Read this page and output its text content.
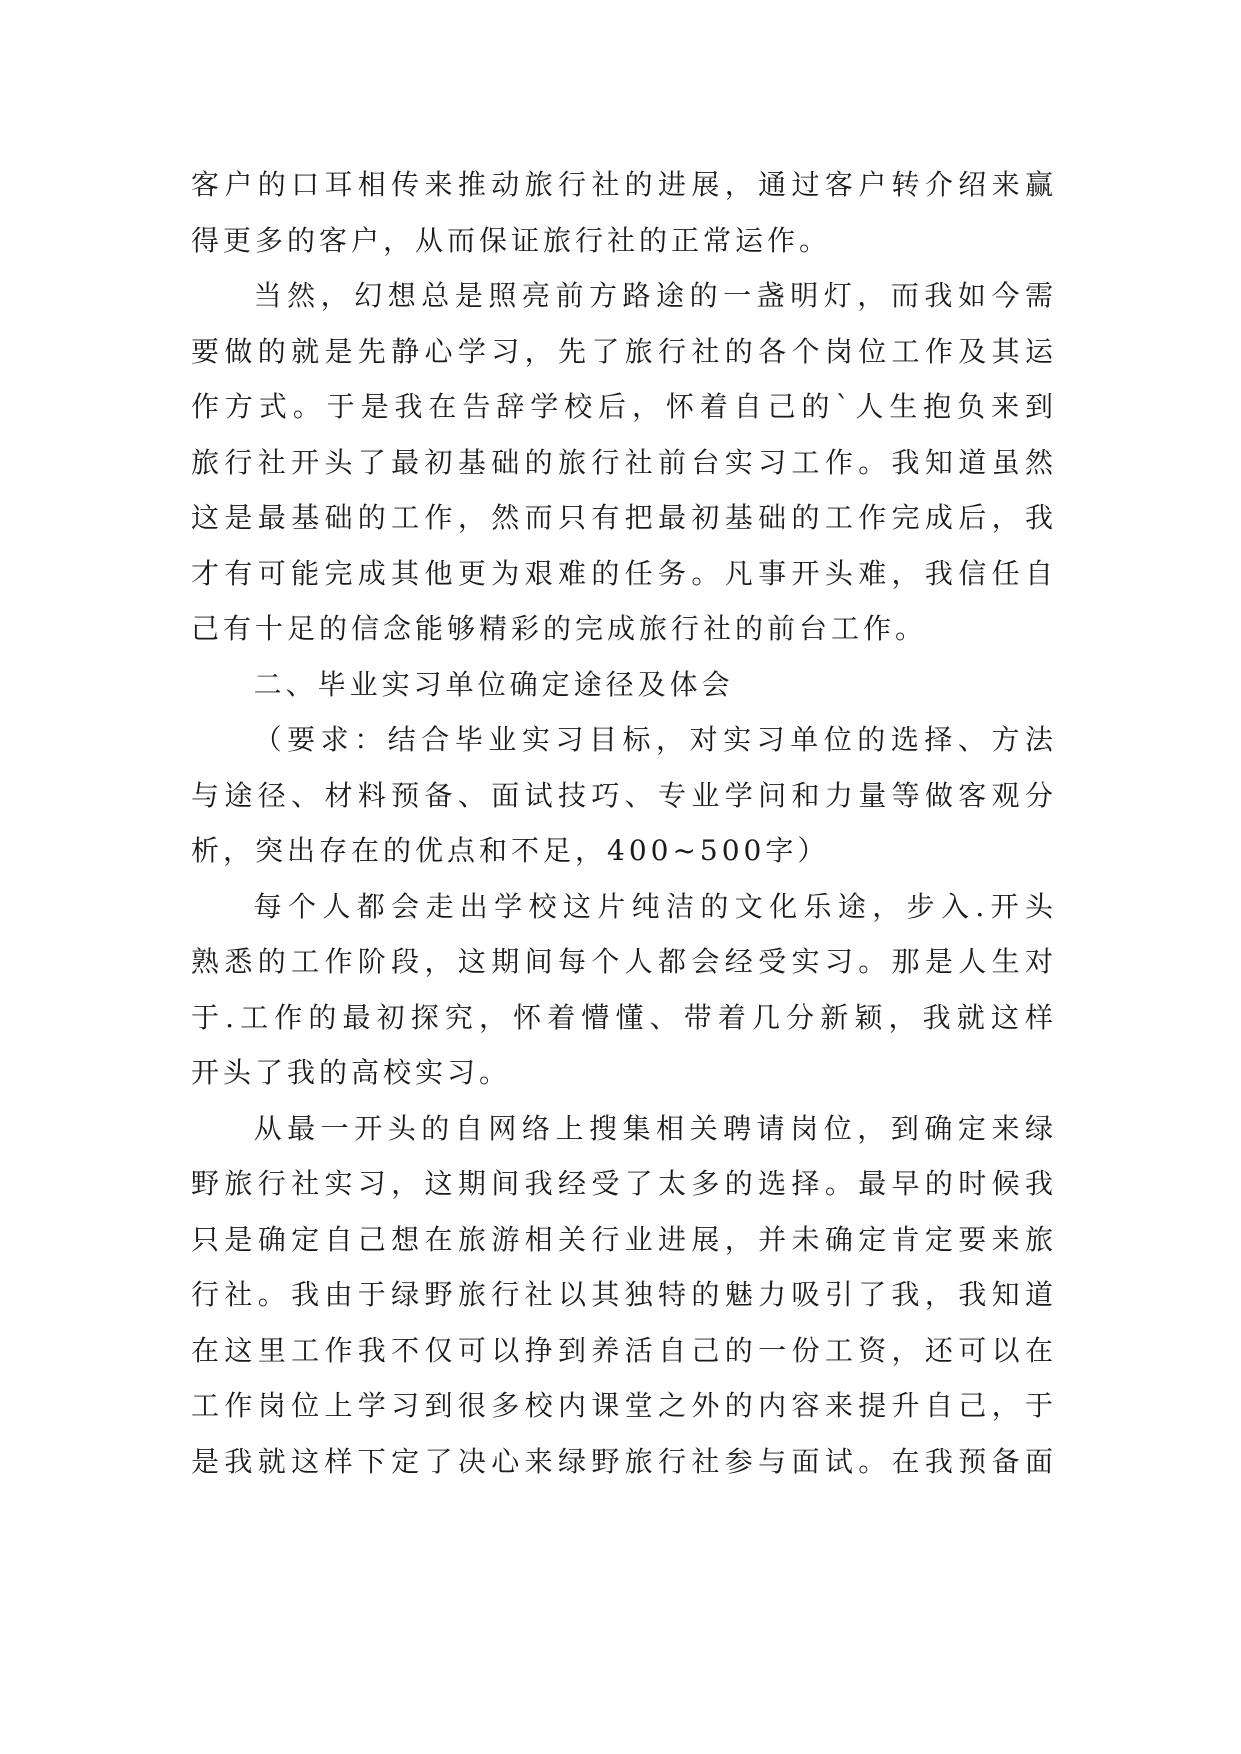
客户的口耳相传来推动旅行社的进展，通过客户转介绍来赢

得更多的客户，从而保证旅行社的正常运作。

当然，幻想总是照亮前方路途的一盏明灯，而我如今需

要做的就是先静心学习，先了旅行社的各个岗位工作及其运

作方式。于是我在告辞学校后，怀着自己的`人生抱负来到

旅行社开头了最初基础的旅行社前台实习工作。我知道虽然

这是最基础的工作，然而只有把最初基础的工作完成后，我

才有可能完成其他更为艰难的任务。凡事开头难，我信任自

己有十足的信念能够精彩的完成旅行社的前台工作。

二、毕业实习单位确定途径及体会

（要求：结合毕业实习目标，对实习单位的选择、方法

与途径、材料预备、面试技巧、专业学问和力量等做客观分

析，突出存在的优点和不足，400~500字）

每个人都会走出学校这片纯洁的文化乐途，步入.开头

熟悉的工作阶段，这期间每个人都会经受实习。那是人生对

于.工作的最初探究，怀着懵懂、带着几分新颖，我就这样

开头了我的高校实习。

从最一开头的自网络上搜集相关聘请岗位，到确定来绿

野旅行社实习，这期间我经受了太多的选择。最早的时候我

只是确定自己想在旅游相关行业进展，并未确定肯定要来旅

行社。我由于绿野旅行社以其独特的魅力吸引了我，我知道

在这里工作我不仅可以挣到养活自己的一份工资，还可以在

工作岗位上学习到很多校内课堂之外的内容来提升自己，于

是我就这样下定了决心来绿野旅行社参与面试。在我预备面
